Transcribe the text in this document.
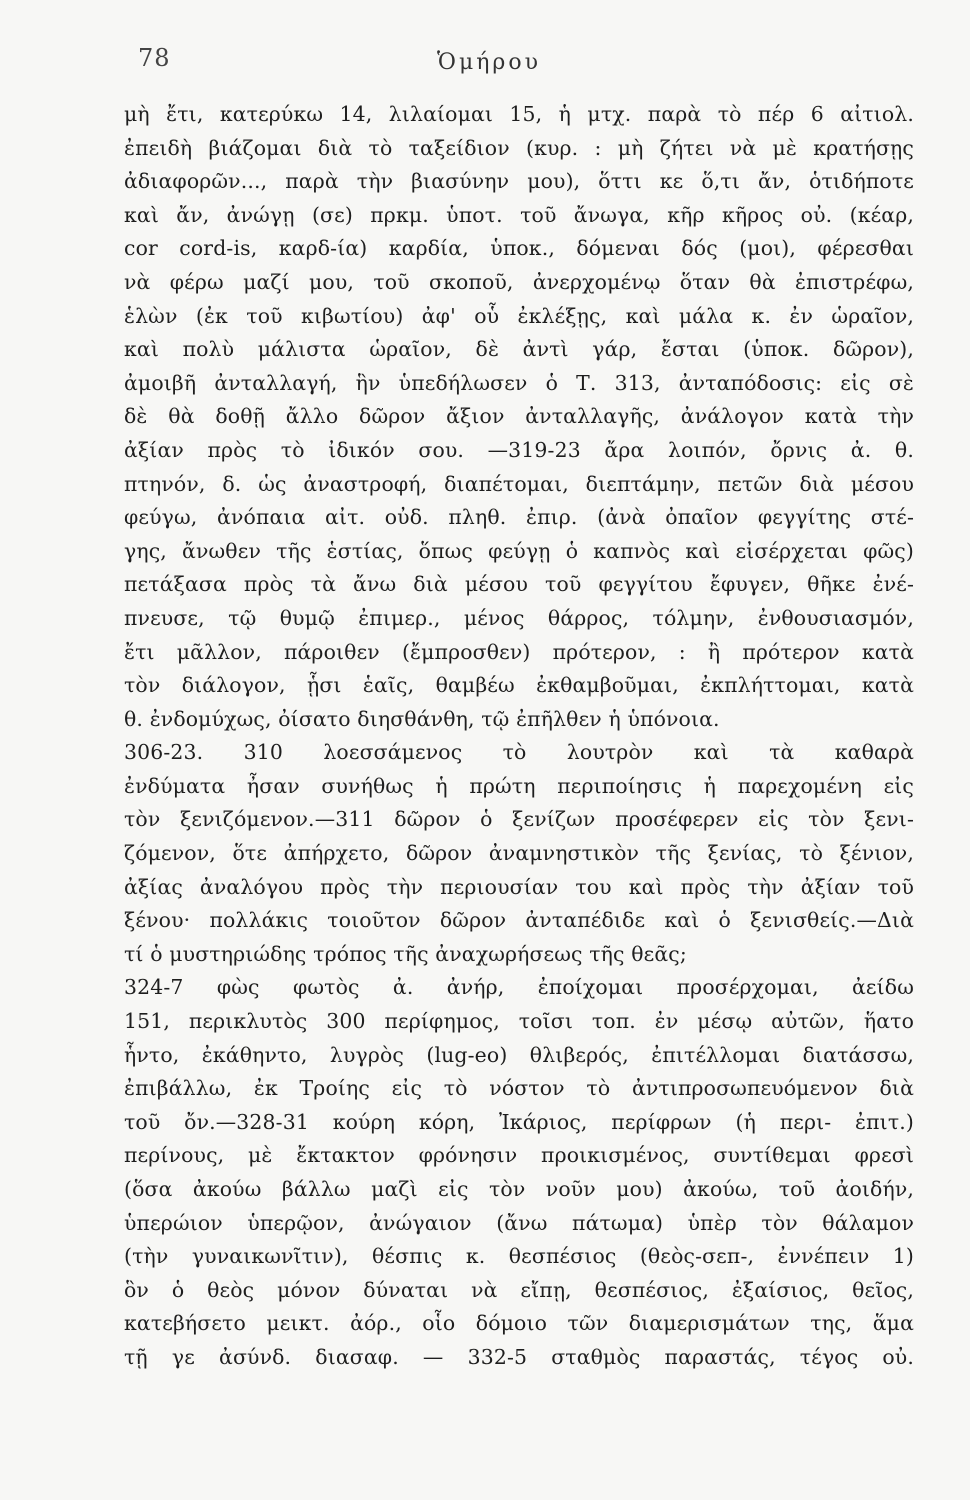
78	Ὁμήρου
μὴ ἔτι, κατερύκω 14, λιλαίομαι 15, ἡ μτχ. παρὰ τὸ πέρ 6 αἰτιολ.
ἐπειδὴ βιάζομαι διὰ τὸ ταξείδιον (κυρ. : μὴ ζήτει νὰ μὲ κρατήσῃς
ἀδιαφορῶν..., παρὰ τὴν βιασύνην μου), ὅττι κε ὅ,τι ἄν, ὁτιδήποτε
καὶ ἄν, ἀνώγῃ (σε) πρκμ. ὑποτ. τοῦ ἄνωγα, κῆρ κῆρος οὐ. (κέαρ,
cor cord-is, καρδ-ία) καρδία, ὑποκ., δόμεναι δός (μοι), φέρεσθαι
νὰ φέρω μαζί μου, τοῦ σκοποῦ, ἀνερχομένῳ ὅταν θὰ ἐπιστρέφω,
ἑλὼν (ἐκ τοῦ κιβωτίου) ἀφ' οὗ ἐκλέξῃς, καὶ μάλα κ. ἐν ὡραῖον,
καὶ πολὺ μάλιστα ὡραῖον, δὲ ἀντὶ γάρ, ἔσται (ὑποκ. δῶρον),
ἀμοιβῆ ἀνταλλαγή, ἣν ὑπεδήλωσεν ὁ Τ. 313, ἀνταπόδοσις: εἰς σὲ
δὲ θὰ δοθῇ ἄλλο δῶρον ἄξιον ἀνταλλαγῆς, ἀνάλογον κατὰ τὴν
ἀξίαν πρὸς τὸ ἰδικόν σου. —319-23 ἄρα λοιπόν, ὄρνις ἀ. θ.
πτηνόν, δ. ὡς ἀναστροφή, διαπέτομαι, διεπτάμην, πετῶν διὰ μέσου
φεύγω, ἀνόπαια αἰτ. οὐδ. πληθ. ἐπιρ. (ἀνὰ ὀπαῖον φεγγίτης στέ-
γης, ἄνωθεν τῆς ἑστίας, ὅπως φεύγῃ ὁ καπνὸς καὶ εἰσέρχεται φῶς)
πετάξασα πρὸς τὰ ἄνω διὰ μέσου τοῦ φεγγίτου ἔφυγεν, θῆκε ἐνέ-
πνευσε, τῷ θυμῷ ἐπιμερ., μένος θάρρος, τόλμην, ἐνθουσιασμόν,
ἔτι μᾶλλον, πάροιθεν (ἔμπροσθεν) πρότερον, : ἢ πρότερον κατὰ
τὸν διάλογον, ᾗσι ἑαῖς, θαμβέω ἐκθαμβοῦμαι, ἐκπλήττομαι, κατὰ
θ. ἐνδομύχως, ὀίσατο διησθάνθη, τῷ ἐπῆλθεν ἡ ὑπόνοια.
306-23. 310 λοεσσάμενος τὸ λουτρὸν καὶ τὰ καθαρὰ
ἐνδύματα ἦσαν συνήθως ἡ πρώτη περιποίησις ἡ παρεχομένη εἰς
τὸν ξενιζόμενον.—311 δῶρον ὁ ξενίζων προσέφερεν εἰς τὸν ξενι-
ζόμενον, ὅτε ἀπήρχετο, δῶρον ἀναμνηστικὸν τῆς ξενίας, τὸ ξένιον,
ἀξίας ἀναλόγου πρὸς τὴν περιουσίαν του καὶ πρὸς τὴν ἀξίαν τοῦ
ξένου· πολλάκις τοιοῦτον δῶρον ἀνταπέδιδε καὶ ὁ ξενισθείς.—Διὰ
τί ὁ μυστηριώδης τρόπος τῆς ἀναχωρήσεως τῆς θεᾶς;
324-7 φὼς φωτὸς ἀ. ἀνήρ, ἐποίχομαι προσέρχομαι, ἀείδω
151, περικλυτὸς 300 περίφημος, τοῖσι τοπ. ἐν μέσῳ αὐτῶν, ἥατο
ἧντο, ἐκάθηντο, λυγρὸς (lug-eo) θλιβερός, ἐπιτέλλομαι διατάσσω,
ἐπιβάλλω, ἐκ Τροίης εἰς τὸ νόστον τὸ ἀντιπροσωπευόμενον διὰ
τοῦ ὄν.—328-31 κούρη κόρη, Ἰκάριος, περίφρων (ἡ περι- ἐπιτ.)
περίνους, μὲ ἔκτακτον φρόνησιν προικισμένος, συντίθεμαι φρεσὶ
(ὅσα ἀκούω βάλλω μαζὶ εἰς τὸν νοῦν μου) ἀκούω, τοῦ ἀοιδήν,
ὑπερώιον ὑπερῷον, ἀνώγαιον (ἄνω πάτωμα) ὑπὲρ τὸν θάλαμον
(τὴν γυναικωνῖτιν), θέσπις κ. θεσπέσιος (θεὸς-σεπ-, ἐννέπειν 1)
ὃν ὁ θεὸς μόνον δύναται νὰ εἴπῃ, θεσπέσιος, ἐξαίσιος, θεῖος,
κατεβήσετο μεικτ. ἀόρ., οἷο δόμοιο τῶν διαμερισμάτων της, ἅμα
τῇ γε ἀσύνδ. διασαφ. — 332-5 σταθμὸς παραστάς, τέγος οὐ.
